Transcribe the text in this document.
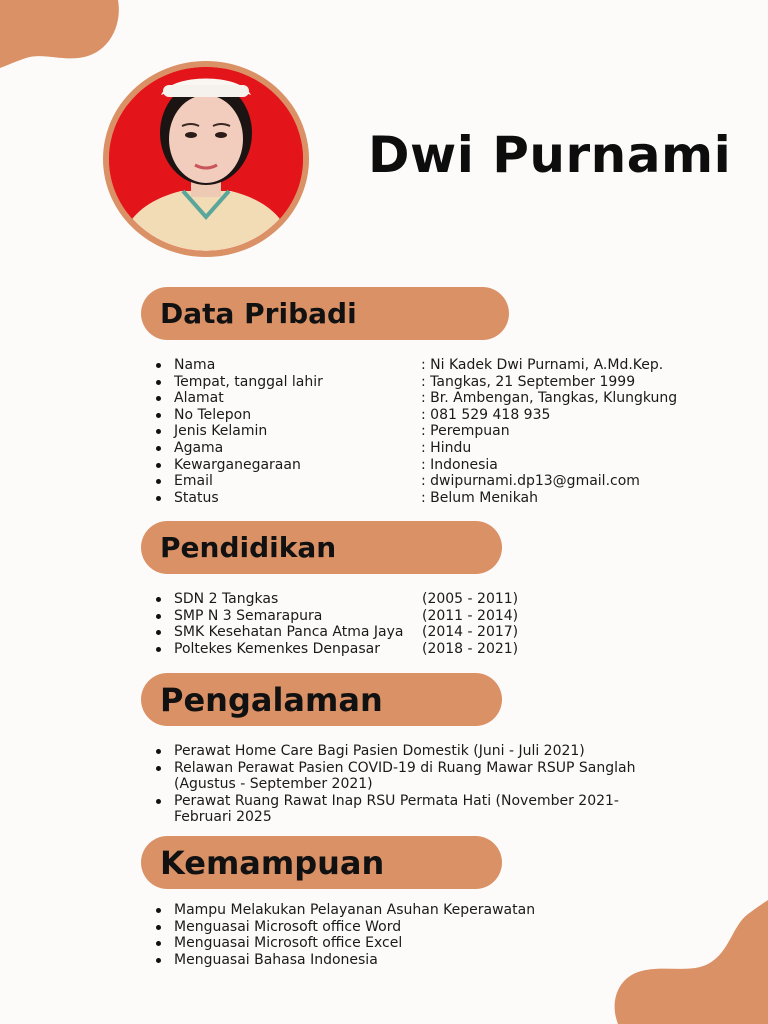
Dwi Purnami
Data Pribadi
Nama	: Ni Kadek Dwi Purnami, A.Md.Kep.
Tempat, tanggal lahir	: Tangkas, 21 September 1999
Alamat	: Br. Ambengan, Tangkas, Klungkung
No Telepon	: 081 529 418 935
Jenis Kelamin	: Perempuan
Agama	: Hindu
Kewarganegaraan	: Indonesia
Email	: dwipurnami.dp13@gmail.com
Status	: Belum Menikah
Pendidikan
SDN 2 Tangkas	(2005 - 2011)
SMP N 3 Semarapura	(2011 - 2014)
SMK Kesehatan Panca Atma Jaya	(2014 - 2017)
Poltekes Kemenkes Denpasar	(2018 - 2021)
Pengalaman
Perawat Home Care Bagi Pasien Domestik (Juni - Juli 2021)
Relawan Perawat Pasien COVID-19 di Ruang Mawar RSUP Sanglah (Agustus - September 2021)
Perawat Ruang Rawat Inap RSU Permata Hati (November 2021- Februari 2025
Kemampuan
Mampu Melakukan Pelayanan Asuhan Keperawatan
Menguasai Microsoft office Word
Menguasai Microsoft office Excel
Menguasai Bahasa Indonesia
